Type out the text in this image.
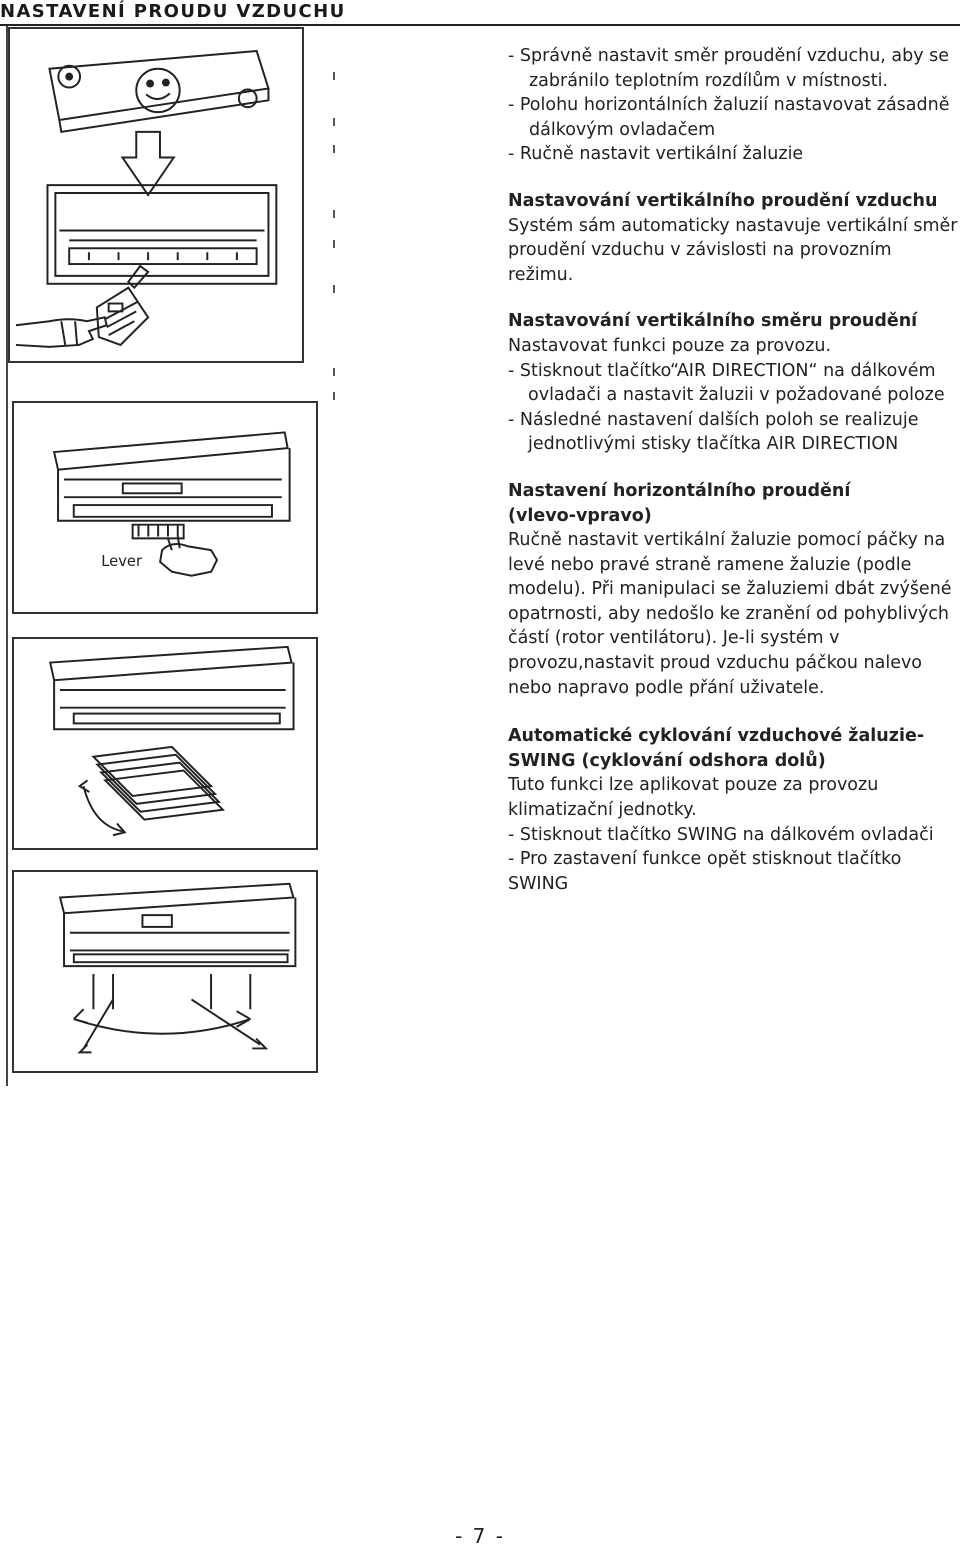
NASTAVENÍ PROUDU VZDUCHU
Lever

- Správně nastavit směr proudění vzduchu, aby se zabránilo teplotním rozdílům v místnosti.

- Polohu horizontálních žaluzií nastavovat zásadně dálkovým ovladačem

- Ručně nastavit vertikální žaluzie

Nastavování vertikálního proudění vzduchu

Systém sám automaticky nastavuje vertikální směr proudění vzduchu v závislosti na provozním režimu.

Nastavování vertikálního směru proudění

Nastavovat funkci pouze za provozu.

- Stisknout tlačítko“AIR DIRECTION“ na dálkovém ovladači a nastavit žaluzii v požadované poloze

- Následné nastavení dalších poloh se realizuje jednotlivými stisky tlačítka AIR DIRECTION

Nastavení horizontálního proudění

(vlevo-vpravo)

Ručně nastavit vertikální žaluzie pomocí páčky na levé nebo pravé straně ramene žaluzie (podle modelu). Při manipulaci se žaluziemi dbát zvýšené opatrnosti, aby nedošlo ke zranění od pohyblivých částí (rotor ventilátoru). Je-li systém v provozu,nastavit proud vzduchu páčkou nalevo nebo napravo podle přání uživatele.

Automatické cyklování vzduchové žaluzie-SWING (cyklování odshora dolů)

Tuto funkci lze aplikovat pouze za provozu klimatizační jednotky.

- Stisknout tlačítko SWING na dálkovém ovladači

- Pro zastavení funkce opět stisknout tlačítko SWING

- 7 -
